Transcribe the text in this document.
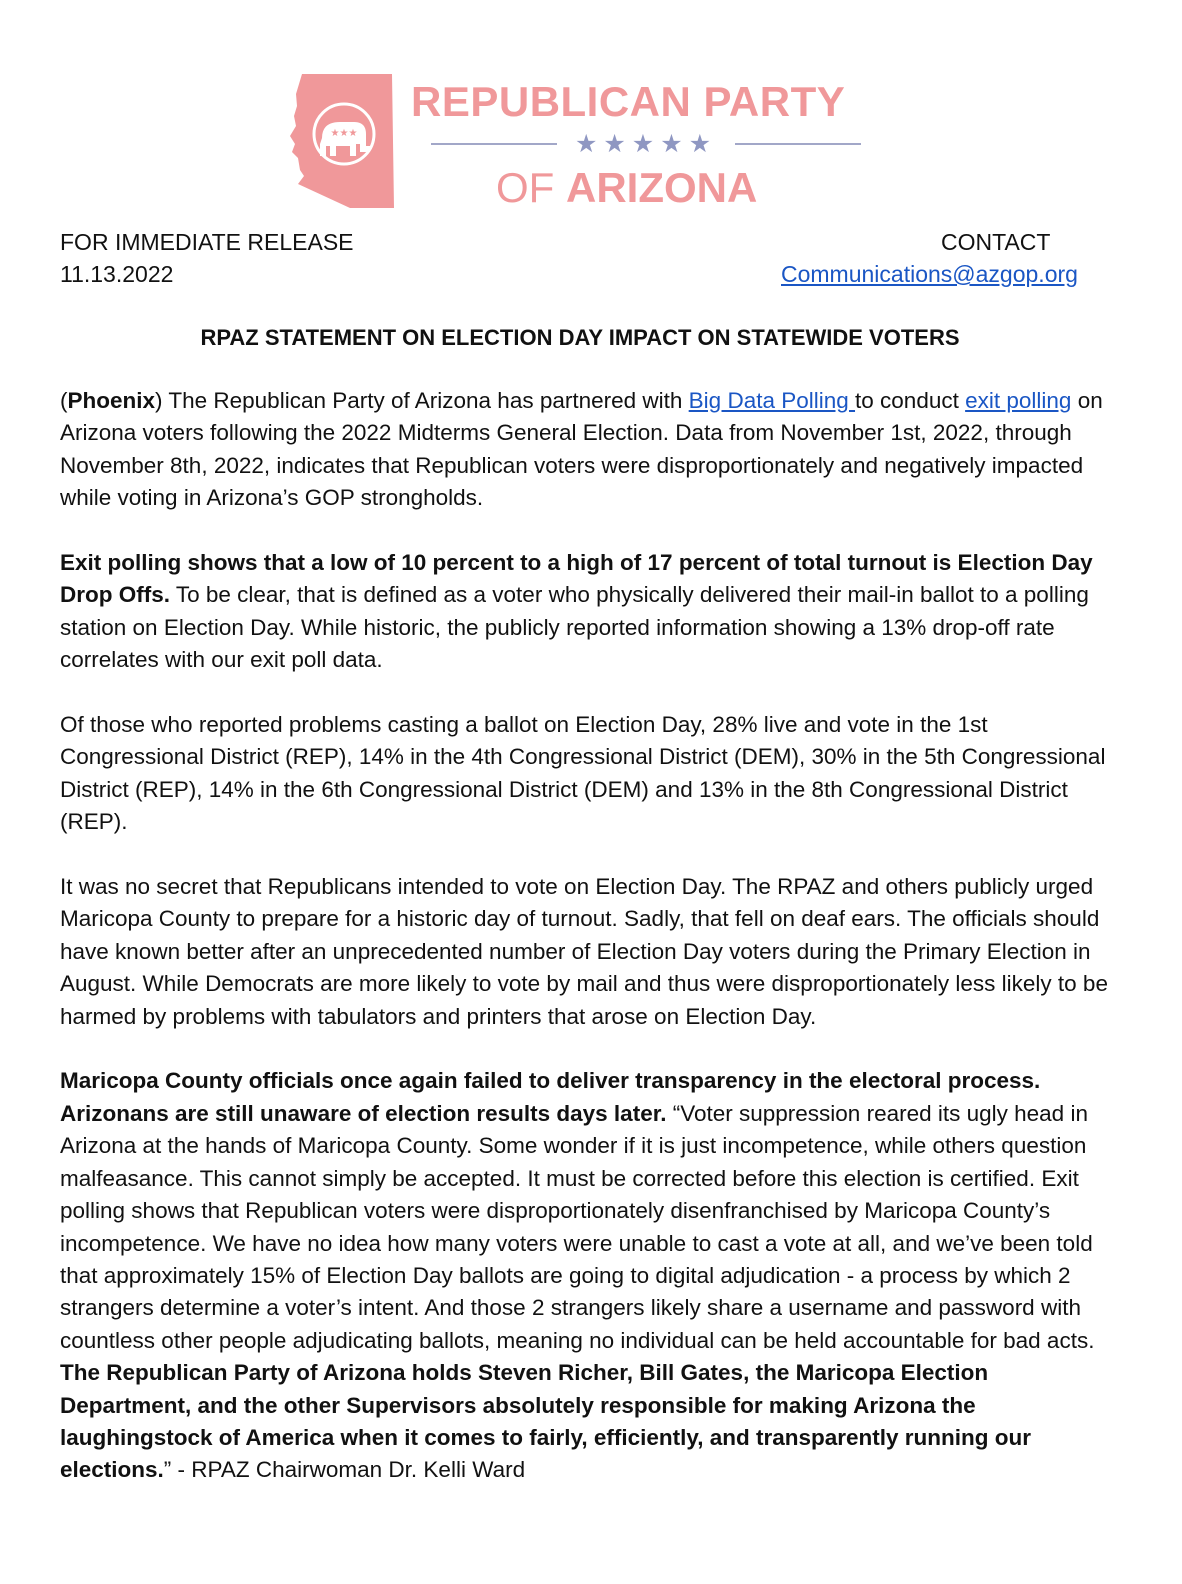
★★★
REPUBLICAN PARTY
★★★★★
OF ARIZONA
FOR IMMEDIATE RELEASE
11.13.2022
CONTACT
Communications@azgop.org
RPAZ STATEMENT ON ELECTION DAY IMPACT ON STATEWIDE VOTERS

(Phoenix) The Republican Party of Arizona has partnered with Big Data Polling to conduct exit polling on Arizona voters following the 2022 Midterms General Election. Data from November 1st, 2022, through November 8th, 2022, indicates that Republican voters were disproportionately and negatively impacted while voting in Arizona’s GOP strongholds.

Exit polling shows that a low of 10 percent to a high of 17 percent of total turnout is Election Day Drop Offs. To be clear, that is defined as a voter who physically delivered their mail-in ballot to a polling station on Election Day. While historic, the publicly reported information showing a 13% drop-off rate correlates with our exit poll data.

Of those who reported problems casting a ballot on Election Day, 28% live and vote in the 1st Congressional District (REP), 14% in the 4th Congressional District (DEM), 30% in the 5th Congressional District (REP), 14% in the 6th Congressional District (DEM) and 13% in the 8th Congressional District (REP).

It was no secret that Republicans intended to vote on Election Day. The RPAZ and others publicly urged Maricopa County to prepare for a historic day of turnout. Sadly, that fell on deaf ears. The officials should have known better after an unprecedented number of Election Day voters during the Primary Election in August. While Democrats are more likely to vote by mail and thus were disproportionately less likely to be harmed by problems with tabulators and printers that arose on Election Day.

Maricopa County officials once again failed to deliver transparency in the electoral process. Arizonans are still unaware of election results days later. “Voter suppression reared its ugly head in Arizona at the hands of Maricopa County. Some wonder if it is just incompetence, while others question malfeasance. This cannot simply be accepted. It must be corrected before this election is certified. Exit polling shows that Republican voters were disproportionately disenfranchised by Maricopa County’s incompetence. We have no idea how many voters were unable to cast a vote at all, and we’ve been told that approximately 15% of Election Day ballots are going to digital adjudication - a process by which 2 strangers determine a voter’s intent. And those 2 strangers likely share a username and password with countless other people adjudicating ballots, meaning no individual can be held accountable for bad acts. The Republican Party of Arizona holds Steven Richer, Bill Gates, the Maricopa Election Department, and the other Supervisors absolutely responsible for making Arizona the laughingstock of America when it comes to fairly, efficiently, and transparently running our elections.” - RPAZ Chairwoman Dr. Kelli Ward
